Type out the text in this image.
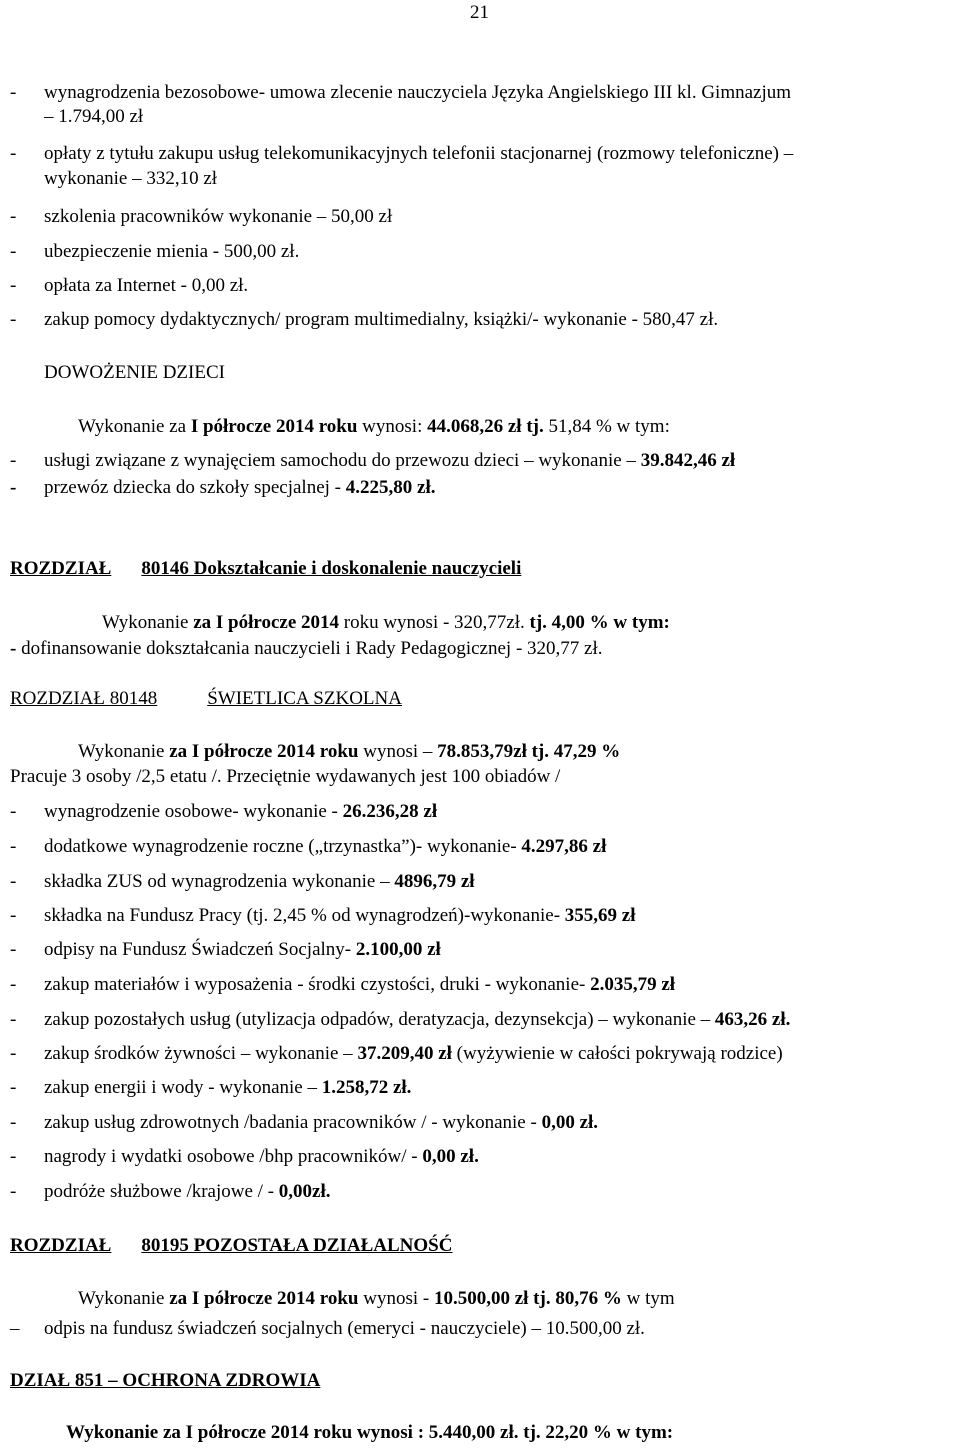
21
- wynagrodzenia bezosobowe- umowa zlecenie nauczyciela Języka Angielskiego III kl. Gimnazjum
– 1.794,00 zł
- opłaty z tytułu zakupu usług telekomunikacyjnych telefonii stacjonarnej (rozmowy telefoniczne) –
wykonanie – 332,10 zł
- szkolenia pracowników wykonanie – 50,00 zł
- ubezpieczenie mienia - 500,00 zł.
- opłata za Internet - 0,00 zł.
- zakup pomocy dydaktycznych/ program multimedialny, książki/- wykonanie - 580,47 zł.
DOWOŻENIE DZIECI
Wykonanie za I półrocze 2014 roku wynosi: 44.068,26 zł tj. 51,84 % w tym:
- usługi związane z wynajęciem samochodu do przewozu dzieci – wykonanie – 39.842,46 zł
- przewóz dziecka do szkoły specjalnej - 4.225,80 zł.
ROZDZIAŁ 80146 Dokształcanie i doskonalenie nauczycieli
Wykonanie za I półrocze 2014 roku wynosi - 320,77zł. tj. 4,00 % w tym:
- dofinansowanie dokształcania nauczycieli i Rady Pedagogicznej - 320,77 zł.
ROZDZIAŁ 80148	ŚWIETLICA SZKOLNA
Wykonanie za I półrocze 2014 roku wynosi – 78.853,79zł tj. 47,29 %
Pracuje 3 osoby /2,5 etatu /. Przeciętnie wydawanych jest 100 obiadów /
- wynagrodzenie osobowe- wykonanie - 26.236,28 zł
- dodatkowe wynagrodzenie roczne („trzynastka”)- wykonanie- 4.297,86 zł
- składka ZUS od wynagrodzenia wykonanie – 4896,79 zł
- składka na Fundusz Pracy (tj. 2,45 % od wynagrodzeń)-wykonanie- 355,69 zł
- odpisy na Fundusz Świadczeń Socjalny- 2.100,00 zł
- zakup materiałów i wyposażenia - środki czystości, druki - wykonanie- 2.035,79 zł
- zakup pozostałych usług (utylizacja odpadów, deratyzacja, dezynsekcja) – wykonanie – 463,26 zł.
- zakup środków żywności – wykonanie – 37.209,40 zł (wyżywienie w całości pokrywają rodzice)
- zakup energii i wody - wykonanie – 1.258,72 zł.
- zakup usług zdrowotnych /badania pracowników / - wykonanie - 0,00 zł.
- nagrody i wydatki osobowe /bhp pracowników/ - 0,00 zł.
- podróże służbowe /krajowe / - 0,00zł.
ROZDZIAŁ 80195 POZOSTAŁA DZIAŁALNOŚĆ
Wykonanie za I półrocze 2014 roku wynosi - 10.500,00 zł tj. 80,76 % w tym
– odpis na fundusz świadczeń socjalnych (emeryci - nauczyciele) – 10.500,00 zł.
DZIAŁ 851 – OCHRONA ZDROWIA
Wykonanie za I półrocze 2014 roku wynosi : 5.440,00 zł. tj. 22,20 % w tym:
